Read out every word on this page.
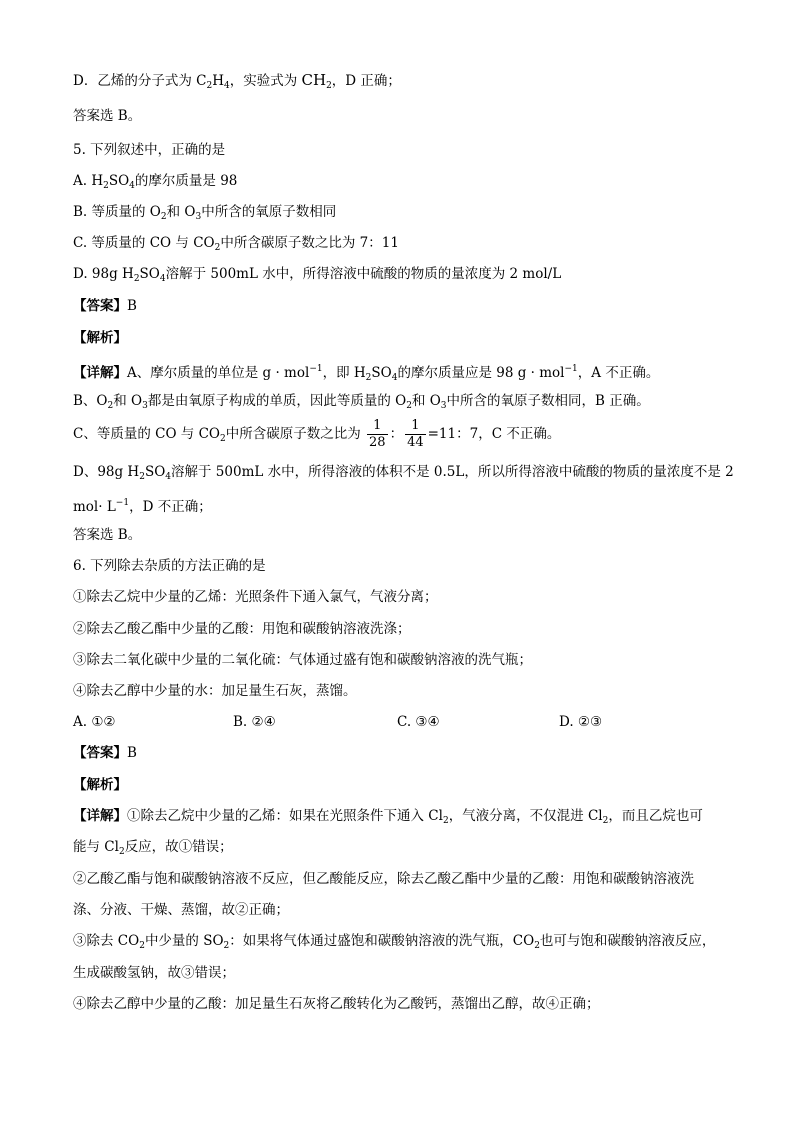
D．乙烯的分子式为 $C_2H_4$，实验式为 $CH_2$，D 正确；
答案选 B。
5. 下列叙述中，正确的是
A. $H_2SO_4$的摩尔质量是 98
B. 等质量的 $O_2$和 $O_3$中所含的氧原子数相同
C. 等质量的 CO 与 $CO_2$中所含碳原子数之比为 7：11
D. 98g $H_2SO_4$溶解于 500mL 水中，所得溶液中硫酸的物质的量浓度为 2 mol/L
【答案】B
【解析】
【详解】A、摩尔质量的单位是 g · mol$^{-1}$，即 $H_2SO_4$的摩尔质量应是 98 g · mol$^{-1}$，A 不正确。
B、$O_2$和 $O_3$都是由氧原子构成的单质，因此等质量的 $O_2$和 $O_3$中所含的氧原子数相同，B 正确。
C、等质量的 CO 与 $CO_2$中所含碳原子数之比为 $\frac{1}{28}$ ： $\frac{1}{44} =11$：7，C 不正确。
D、98g $H_2SO_4$溶解于 500mL 水中，所得溶液的体积不是 0.5L，所以所得溶液中硫酸的物质的量浓度不是 2
$mol\cdot L^{-1}$，D 不正确；
答案选 B。
6. 下列除去杂质的方法正确的是
①除去乙烷中少量的乙烯：光照条件下通入氯气，气液分离；
②除去乙酸乙酯中少量的乙酸：用饱和碳酸钠溶液洗涤；
③除去二氧化碳中少量的二氧化硫：气体通过盛有饱和碳酸钠溶液的洗气瓶；
④除去乙醇中少量的水：加足量生石灰，蒸馏。
A. ①②	B. ②④	C. ③④	D. ②③
【答案】B
【解析】
【详解】①除去乙烷中少量的乙烯：如果在光照条件下通入 $Cl_2$，气液分离，不仅混进 $Cl_2$，而且乙烷也可
能与 $Cl_2$反应，故①错误；
②乙酸乙酯与饱和碳酸钠溶液不反应，但乙酸能反应，除去乙酸乙酯中少量的乙酸：用饱和碳酸钠溶液洗
涤、分液、干燥、蒸馏，故②正确；
③除去 $CO_2$中少量的 $SO_2$：如果将气体通过盛饱和碳酸钠溶液的洗气瓶，$CO_2$也可与饱和碳酸钠溶液反应，
生成碳酸氢钠，故③错误；
④除去乙醇中少量的乙酸：加足量生石灰将乙酸转化为乙酸钙，蒸馏出乙醇，故④正确；
